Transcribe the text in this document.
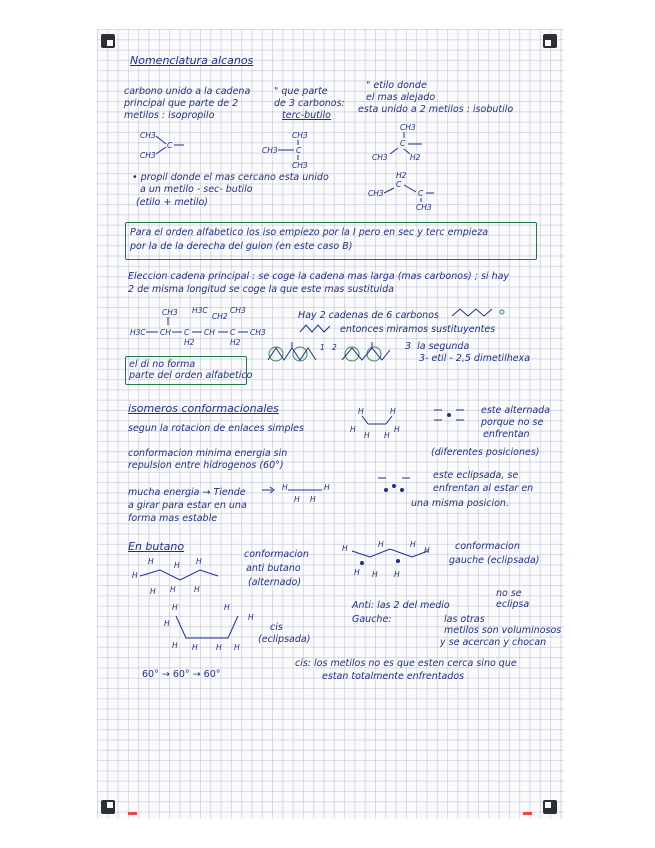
Nomenclatura alcanos
carbono unido a la cadena
principal que parte de 2
metilos : isopropilo
" que parte
de 3 carbonos:
terc-butilo
" etilo donde
el mas alejado
esta unido a 2 metilos : isobutilo
CH3
CH3
C
CH3
C
CH3
CH3
CH3
C
CH3	H2
H2
C
CH3	C
CH3
• propil donde el mas cercano esta unido
a un metilo - sec- butilo
(etilo + metilo)
Para el orden alfabetico los iso empiezo por la I pero en sec y terc empieza
por la de la derecha del guion (en este caso B)
Eleccion cadena principal : se coge la cadena mas larga (mas carbonos) ; si hay
2 de misma longitud se coge la que este mas sustituida
CH3 H3C
CH2
CH3
H3C CH C
H2
CH C
H2
CH3
Hay 2 cadenas de 6 carbonos
entonces miramos sustituyentes
1 2	3  la segunda
3- etil - 2,5 dimetilhexa
el di no forma
parte del orden alfabetico
isomeros conformacionales
segun la rotacion de enlaces simples
conformacion minima energia sin
repulsion entre hidrogenos (60°)
mucha energia → Tiende
a girar para estar en una
forma mas estable
H	H
H
H
H
H
este alternada
porque no se
enfrentan
(diferentes posiciones)
H	H
H H
este eclipsada, se
enfrentan al estar en
una misma posicion.
En butano
H
H
H H
H H H
conformacion
anti butano
(alternado)
H	H	H
H
H H H
conformacion
gauche (eclipsada)
no se
eclipsa
Anti: las 2 del medio
Gauche:	las otras
metilos son voluminosos
y se acercan y chocan
H	H
H
H
H H H H
cis
(eclipsada)
cis: los metilos no es que esten cerca sino que
estan totalmente enfrentados
60° → 60° → 60°
